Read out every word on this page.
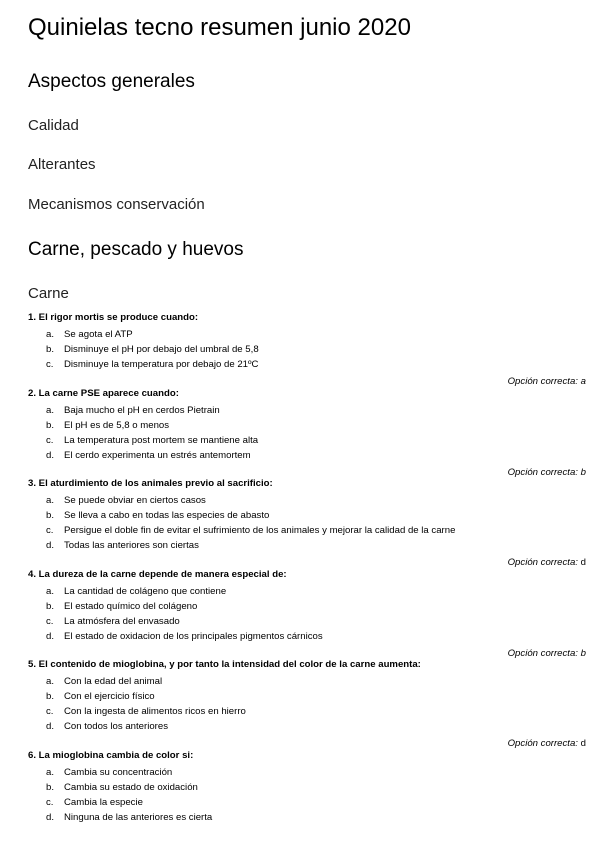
Quinielas tecno resumen junio 2020
Aspectos generales
Calidad
Alterantes
Mecanismos conservación
Carne, pescado y huevos
Carne
1. El rigor mortis se produce cuando:
a. Se agota el ATP
b. Disminuye el pH por debajo del umbral de 5,8
c. Disminuye la temperatura por debajo de 21ºC
Opción correcta: a
2. La carne PSE aparece cuando:
a. Baja mucho el pH en cerdos Pietrain
b. El pH es de 5,8 o menos
c. La temperatura post mortem se mantiene alta
d. El cerdo experimenta un estrés antemortem
Opción correcta: b
3. El aturdimiento de los animales previo al sacrificio:
a. Se puede obviar en ciertos casos
b. Se lleva a cabo en todas las especies de abasto
c. Persigue el doble fin de evitar el sufrimiento de los animales y mejorar la calidad de la carne
d. Todas las anteriores son ciertas
Opción correcta: d
4. La dureza de la carne depende de manera especial de:
a. La cantidad de colágeno que contiene
b. El estado químico del colágeno
c. La atmósfera del envasado
d. El estado de oxidacion de los principales pigmentos cárnicos
Opción correcta: b
5. El contenido de mioglobina, y por tanto la intensidad del color de la carne aumenta:
a. Con la edad del animal
b. Con el ejercicio físico
c. Con la ingesta de alimentos ricos en hierro
d. Con todos los anteriores
Opción correcta: d
6. La mioglobina cambia de color si:
a. Cambia su concentración
b. Cambia su estado de oxidación
c. Cambia la especie
d. Ninguna de las anteriores es cierta
